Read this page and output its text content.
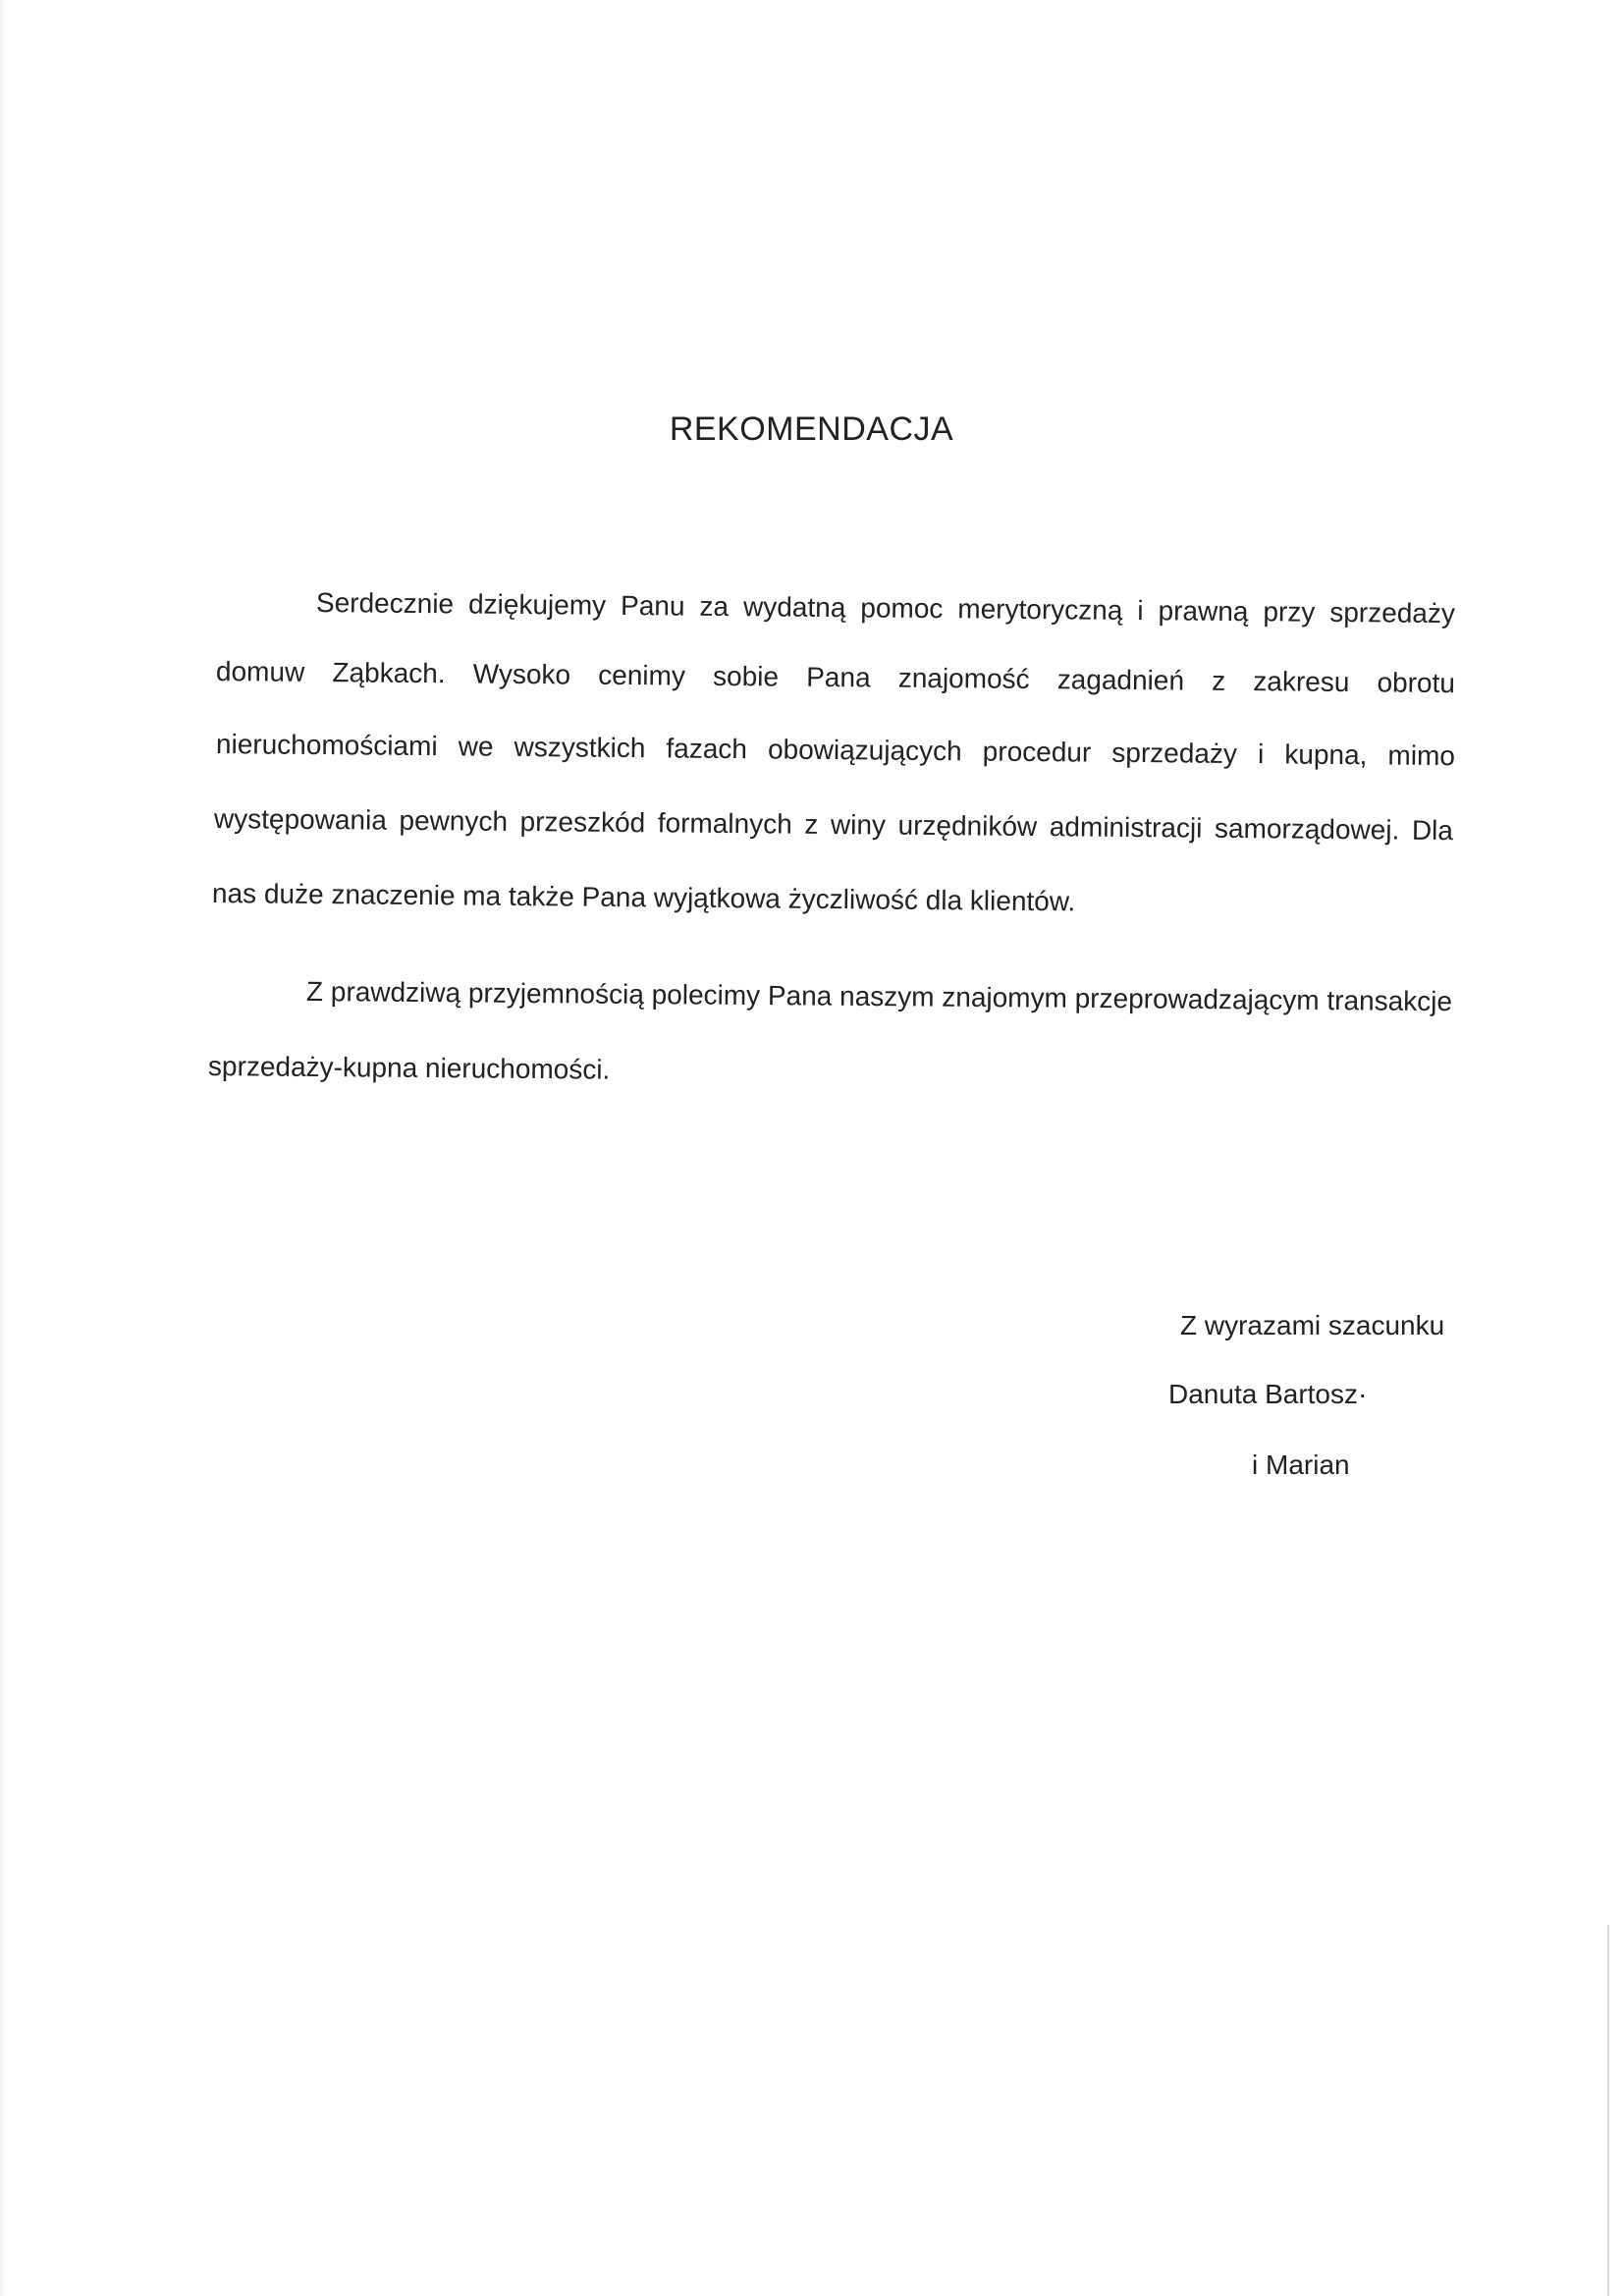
REKOMENDACJA
Serdecznie dziękujemy Panu za wydatną pomoc merytoryczną i prawną przy sprzedaży
domuw Ząbkach. Wysoko cenimy sobie Pana znajomość zagadnień z zakresu obrotu
nieruchomościami we wszystkich fazach obowiązujących procedur sprzedaży i kupna, mimo
występowania pewnych przeszkód formalnych z winy urzędników administracji samorządowej. Dla
nas duże znaczenie ma także Pana wyjątkowa życzliwość dla klientów.
Z prawdziwą przyjemnością polecimy Pana naszym znajomym przeprowadzającym transakcje
sprzedaży-kupna nieruchomości.
Z wyrazami szacunku
Danuta Bartosz·
i Marian
